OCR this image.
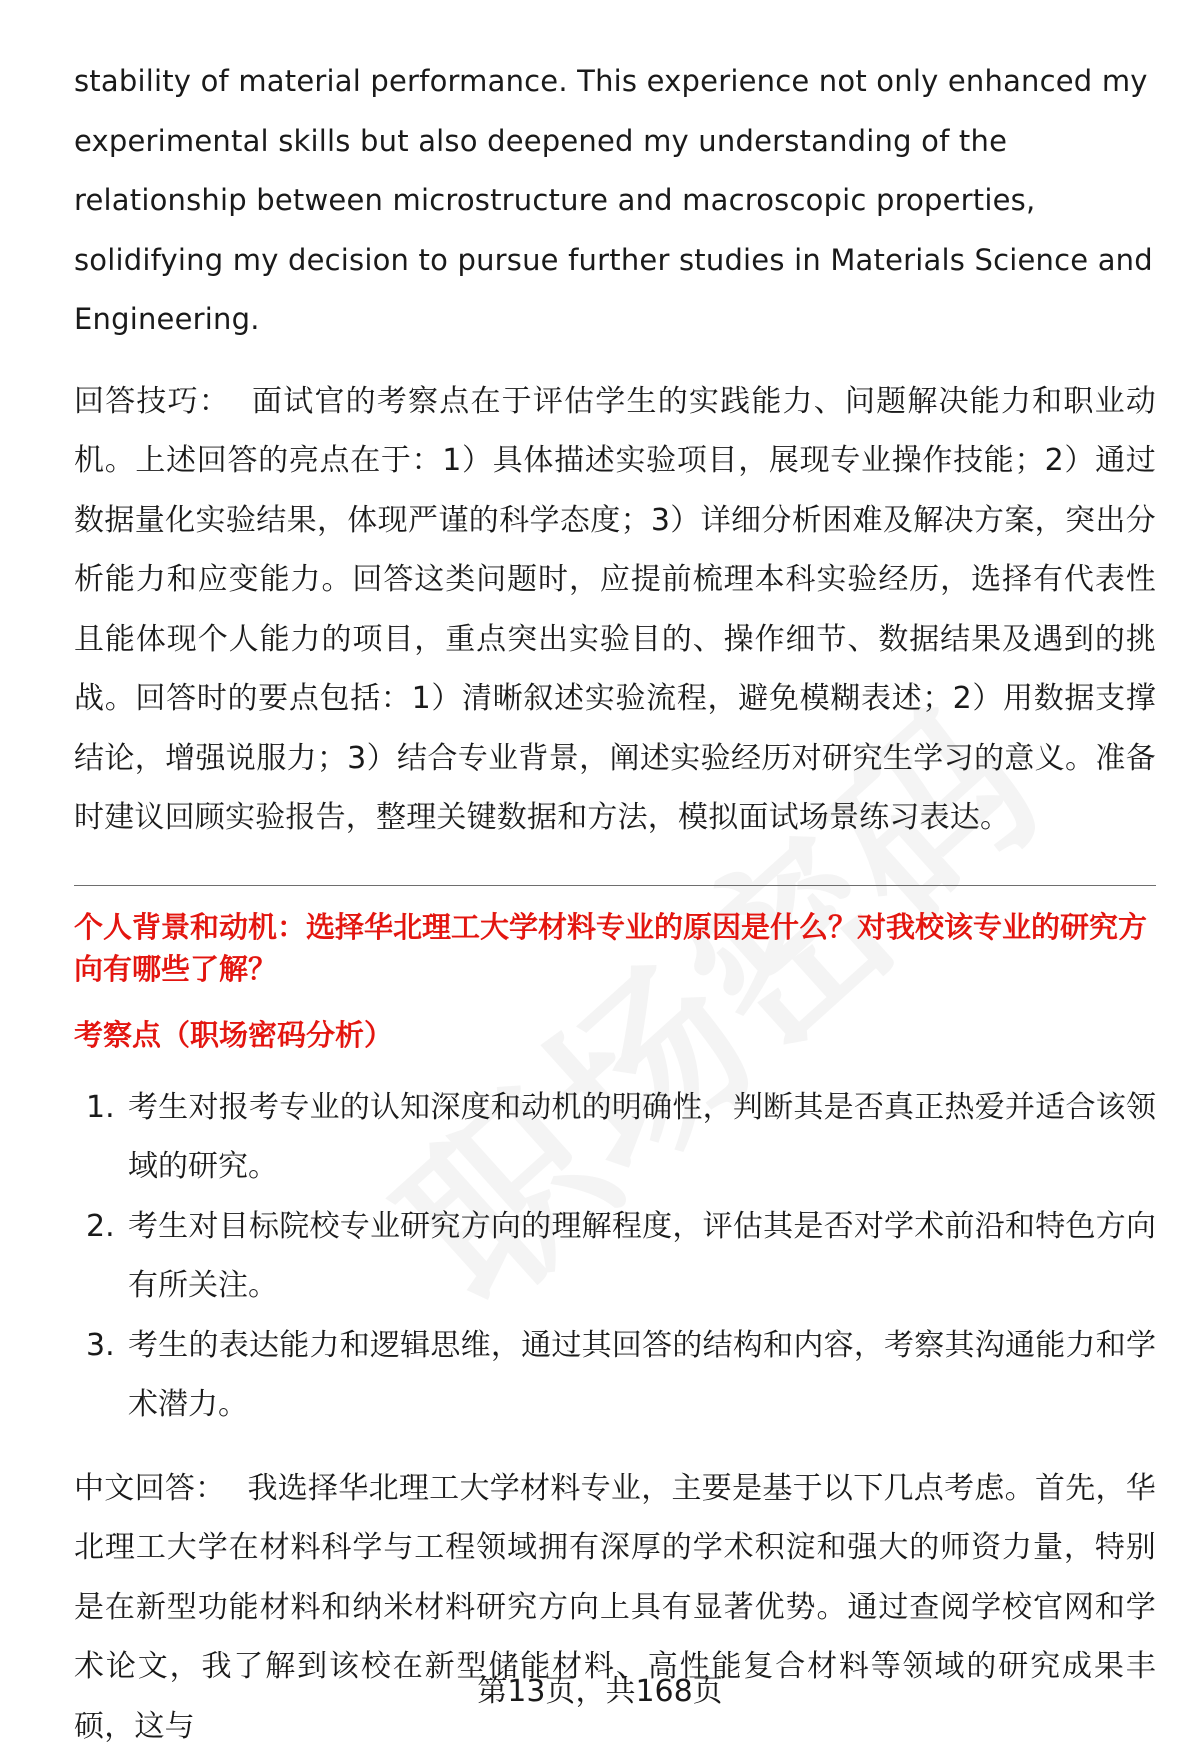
stability of material performance. This experience not only enhanced my experimental skills but also deepened my understanding of the relationship between microstructure and macroscopic properties, solidifying my decision to pursue further studies in Materials Science and Engineering.

回答技巧： 面试官的考察点在于评估学生的实践能力、问题解决能力和职业动机。上述回答的亮点在于：1）具体描述实验项目，展现专业操作技能；2）通过数据量化实验结果，体现严谨的科学态度；3）详细分析困难及解决方案，突出分析能力和应变能力。回答这类问题时，应提前梳理本科实验经历，选择有代表性且能体现个人能力的项目，重点突出实验目的、操作细节、数据结果及遇到的挑战。回答时的要点包括：1）清晰叙述实验流程，避免模糊表述；2）用数据支撑结论，增强说服力；3）结合专业背景，阐述实验经历对研究生学习的意义。准备时建议回顾实验报告，整理关键数据和方法，模拟面试场景练习表达。

个人背景和动机：选择华北理工大学材料专业的原因是什么？对我校该专业的研究方向有哪些了解？
考察点（职场密码分析）
1. 考生对报考专业的认知深度和动机的明确性，判断其是否真正热爱并适合该领域的研究。
2. 考生对目标院校专业研究方向的理解程度，评估其是否对学术前沿和特色方向有所关注。
3. 考生的表达能力和逻辑思维，通过其回答的结构和内容，考察其沟通能力和学术潜力。

中文回答： 我选择华北理工大学材料专业，主要是基于以下几点考虑。首先，华北理工大学在材料科学与工程领域拥有深厚的学术积淀和强大的师资力量，特别是在新型功能材料和纳米材料研究方向上具有显著优势。通过查阅学校官网和学术论文，我了解到该校在新型储能材料、高性能复合材料等领域的研究成果丰硕，这与

第13页，共168页
